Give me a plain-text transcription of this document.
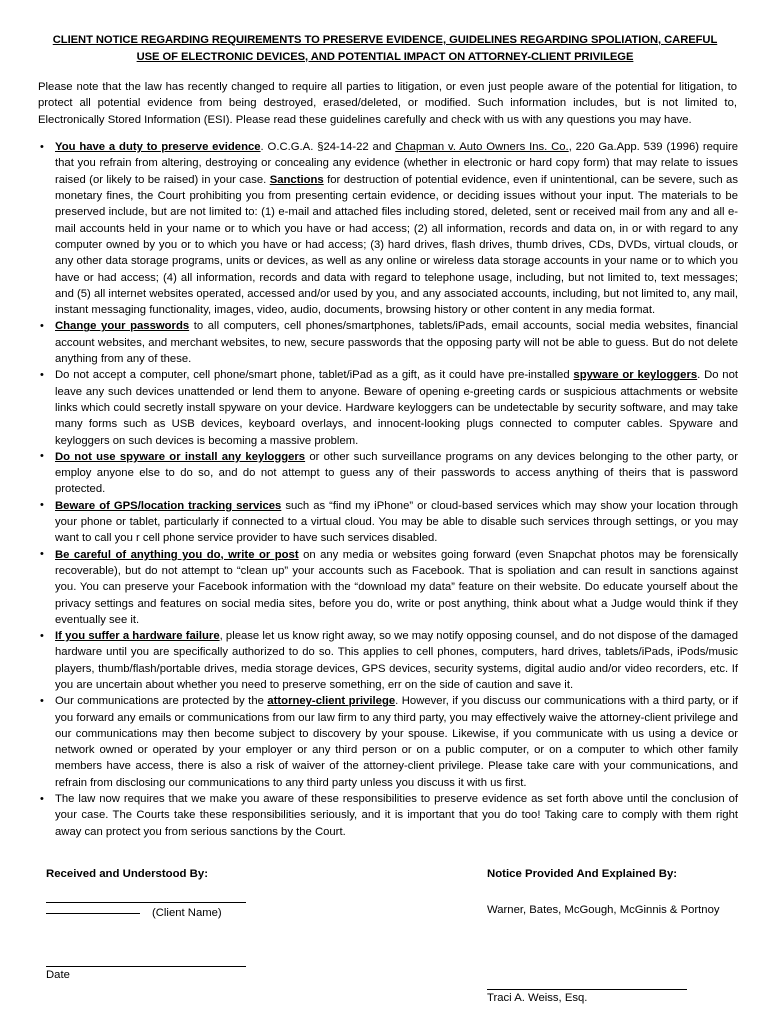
CLIENT NOTICE REGARDING REQUIREMENTS TO PRESERVE EVIDENCE, GUIDELINES REGARDING SPOLIATION, CAREFUL
USE OF ELECTRONIC DEVICES, AND POTENTIAL IMPACT ON ATTORNEY-CLIENT PRIVILEGE

Please note that the law has recently changed to require all parties to litigation, or even just people aware of the potential for litigation, to protect all potential evidence from being destroyed, erased/deleted, or modified. Such information includes, but is not limited to, Electronically Stored Information (ESI). Please read these guidelines carefully and check with us with any questions you may have.

• You have a duty to preserve evidence. O.C.G.A. §24-14-22 and Chapman v. Auto Owners Ins. Co., 220 Ga.App. 539 (1996) require that you refrain from altering, destroying or concealing any evidence (whether in electronic or hard copy form) that may relate to issues raised (or likely to be raised) in your case. Sanctions for destruction of potential evidence, even if unintentional, can be severe, such as monetary fines, the Court prohibiting you from presenting certain evidence, or deciding issues without your input. The materials to be preserved include, but are not limited to: (1) e-mail and attached files including stored, deleted, sent or received mail from any and all e-mail accounts held in your name or to which you have or had access; (2) all information, records and data on, in or with regard to any computer owned by you or to which you have or had access; (3) hard drives, flash drives, thumb drives, CDs, DVDs, virtual clouds, or any other data storage programs, units or devices, as well as any online or wireless data storage accounts in your name or to which you have or had access; (4) all information, records and data with regard to telephone usage, including, but not limited to, text messages; and (5) all internet websites operated, accessed and/or used by you, and any associated accounts, including, but not limited to, any mail, instant messaging functionality, images, video, audio, documents, browsing history or other content in any media format.
• Change your passwords to all computers, cell phones/smartphones, tablets/iPads, email accounts, social media websites, financial account websites, and merchant websites, to new, secure passwords that the opposing party will not be able to guess. But do not delete anything from any of these.
• Do not accept a computer, cell phone/smart phone, tablet/iPad as a gift, as it could have pre-installed spyware or keyloggers. Do not leave any such devices unattended or lend them to anyone. Beware of opening e-greeting cards or suspicious attachments or website links which could secretly install spyware on your device. Hardware keyloggers can be undetectable by security software, and may take many forms such as USB devices, keyboard overlays, and innocent-looking plugs connected to computer cables. Spyware and keyloggers on such devices is becoming a massive problem.
• Do not use spyware or install any keyloggers or other such surveillance programs on any devices belonging to the other party, or employ anyone else to do so, and do not attempt to guess any of their passwords to access anything of theirs that is password protected.
• Beware of GPS/location tracking services such as “find my iPhone” or cloud-based services which may show your location through your phone or tablet, particularly if connected to a virtual cloud. You may be able to disable such services through settings, or you may want to call you r cell phone service provider to have such services disabled.
• Be careful of anything you do, write or post on any media or websites going forward (even Snapchat photos may be forensically recoverable), but do not attempt to “clean up” your accounts such as Facebook. That is spoliation and can result in sanctions against you. You can preserve your Facebook information with the “download my data” feature on their website. Do educate yourself about the privacy settings and features on social media sites, before you do, write or post anything, think about what a Judge would think if they eventually see it.
• If you suffer a hardware failure, please let us know right away, so we may notify opposing counsel, and do not dispose of the damaged hardware until you are specifically authorized to do so. This applies to cell phones, computers, hard drives, tablets/iPads, iPods/music players, thumb/flash/portable drives, media storage devices, GPS devices, security systems, digital audio and/or video recorders, etc. If you are uncertain about whether you need to preserve something, err on the side of caution and save it.
• Our communications are protected by the attorney-client privilege. However, if you discuss our communications with a third party, or if you forward any emails or communications from our law firm to any third party, you may effectively waive the attorney-client privilege and our communications may then become subject to discovery by your spouse. Likewise, if you communicate with us using a device or network owned or operated by your employer or any third person or on a public computer, or on a computer to which other family members have access, there is also a risk of waiver of the attorney-client privilege. Please take care with your communications, and refrain from disclosing our communications to any third party unless you discuss it with us first.
• The law now requires that we make you aware of these responsibilities to preserve evidence as set forth above until the conclusion of your case. The Courts take these responsibilities seriously, and it is important that you do too! Taking care to comply with them right away can protect you from serious sanctions by the Court.
Received and Understood By:
(Client Name)
Date
Notice Provided And Explained By:
Warner, Bates, McGough, McGinnis & Portnoy
Traci A. Weiss, Esq.
